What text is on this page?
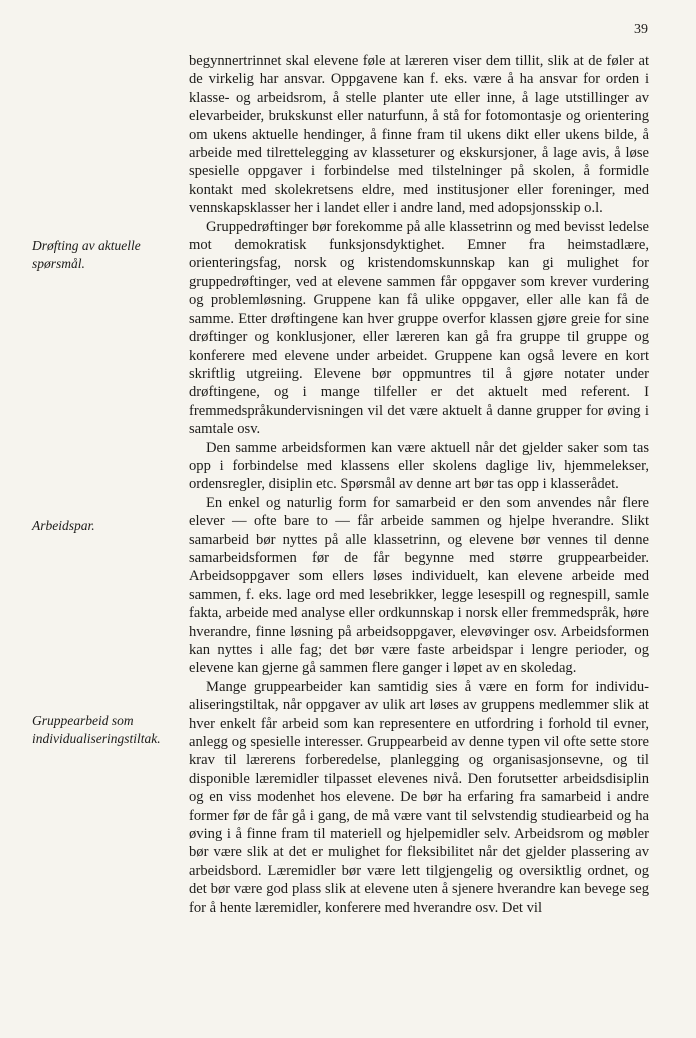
39
Drøfting av aktuelle spørsmål.
Arbeidspar.
Gruppearbeid som individualiseringstiltak.

begynnertrinnet skal elevene føle at læreren viser dem tillit, slik at de føler at de virkelig har ansvar. Oppgavene kan f. eks. være å ha ansvar for orden i klasse- og arbeidsrom, å stelle planter ute eller inne, å lage utstillinger av elevarbeider, brukskunst eller naturfunn, å stå for fotomontasje og orientering om ukens aktuelle hendinger, å finne fram til ukens dikt eller ukens bilde, å arbeide med tilrettelegging av klasseturer og ekskursjoner, å lage avis, å løse spesielle oppgaver i forbindelse med tilstelninger på skolen, å formidle kontakt med skolekretsens eldre, med institusjoner eller foreninger, med vennskapsklasser her i landet eller i andre land, med adopsjonsskip o.l.

Gruppedrøftinger bør forekomme på alle klassetrinn og med bevisst ledelse mot demokratisk funksjonsdyktighet. Emner fra heimstadlære, orienteringsfag, norsk og kristendomskunnskap kan gi mulighet for gruppedrøftinger, ved at elevene sammen får oppgaver som krever vurdering og problemløsning. Gruppene kan få ulike oppgaver, eller alle kan få de samme. Etter drøftingene kan hver gruppe overfor klassen gjøre greie for sine drøftinger og konklusjoner, eller læreren kan gå fra gruppe til gruppe og konferere med elevene under arbeidet. Gruppene kan også levere en kort skriftlig utgreiing. Elevene bør oppmuntres til å gjøre notater under drøftingene, og i mange tilfeller er det aktuelt med referent. I fremmedspråkundervisningen vil det være aktuelt å danne grupper for øving i samtale osv.

Den samme arbeidsformen kan være aktuell når det gjelder saker som tas opp i forbindelse med klassens eller skolens daglige liv, hjemmelekser, ordensregler, disiplin etc. Spørsmål av denne art bør tas opp i klasserådet.

En enkel og naturlig form for samarbeid er den som anvendes når flere elever — ofte bare to — får arbeide sammen og hjelpe hverandre. Slikt samarbeid bør nyttes på alle klassetrinn, og elevene bør vennes til denne samarbeidsformen før de får begynne med større gruppearbeider. Arbeidsoppgaver som ellers løses individuelt, kan elevene arbeide med sammen, f. eks. lage ord med lesebrikker, legge lesespill og regnespill, samle fakta, arbeide med analyse eller ordkunnskap i norsk eller fremmedspråk, høre hverandre, finne løsning på arbeidsoppgaver, elevøvinger osv. Arbeidsformen kan nyttes i alle fag; det bør være faste arbeidspar i lengre perioder, og elevene kan gjerne gå sammen flere ganger i løpet av en skoledag.

Mange gruppearbeider kan samtidig sies å være en form for individualiseringstiltak, når oppgaver av ulik art løses av gruppens medlemmer slik at hver enkelt får arbeid som kan representere en utfordring i forhold til evner, anlegg og spesielle interesser. Gruppearbeid av denne typen vil ofte sette store krav til lærerens forberedelse, planlegging og organisasjonsevne, og til disponible læremidler tilpasset elevenes nivå. Den forutsetter arbeidsdisiplin og en viss modenhet hos elevene. De bør ha erfaring fra samarbeid i andre former før de får gå i gang, de må være vant til selvstendig studiearbeid og ha øving i å finne fram til materiell og hjelpemidler selv. Arbeidsrom og møbler bør være slik at det er mulighet for fleksibilitet når det gjelder plassering av arbeidsbord. Læremidler bør være lett tilgjengelig og oversiktlig ordnet, og det bør være god plass slik at elevene uten å sjenere hverandre kan bevege seg for å hente læremidler, konferere med hverandre osv. Det vil
